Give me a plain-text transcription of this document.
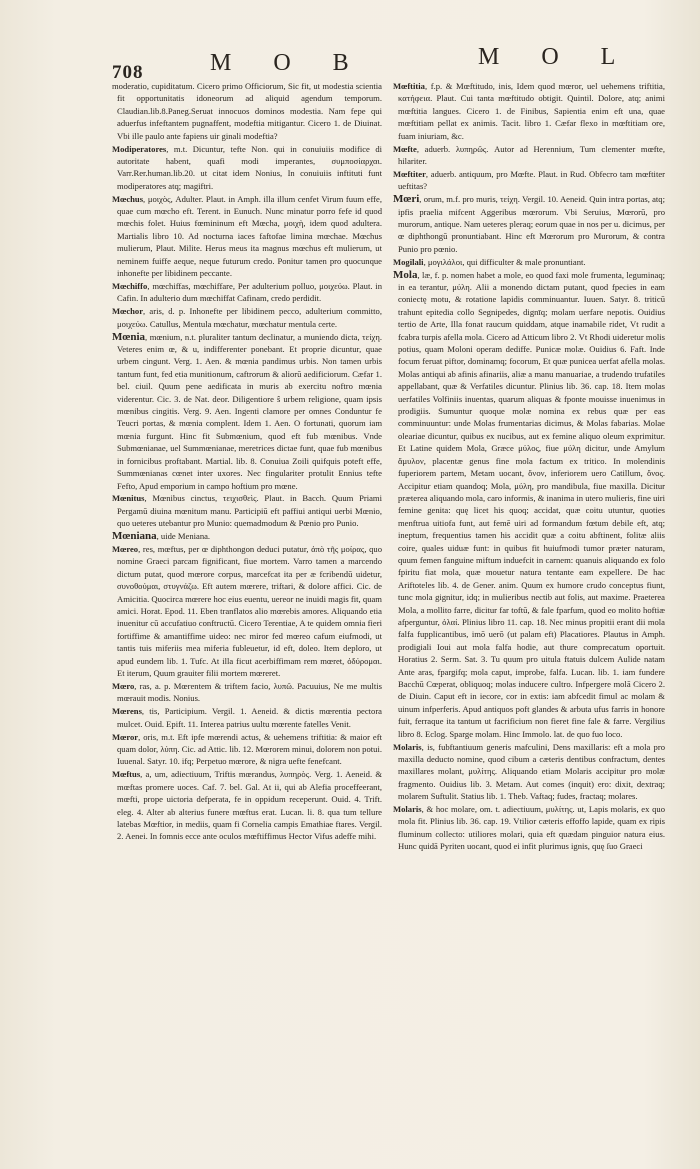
708	M O B	M O L

moderatio, cupiditatum. Cicero primo Officiorum, Sic fit, ut modestia scientia fit opportunitatis idoneorum ad aliquid agendum temporum. Claudian.lib.8.Paneg.Seruat innocuos dominos modestia. Nam fepe qui aduerfus infeftantem pugnaffent, modeftia mitigantur. Cicero 1. de Diuinat. Vbi ille paulo ante fapiens uir ginali modeftia?

Modiperatores, m.t. Dicuntur, tefte Non. qui in conuiuiis modifice di autoritate habent, quafi modi imperantes, συμποσίαρχαι. Varr.Rer.human.lib.20. ut citat idem Nonius, In conuiuiis inftituti funt modiperatores atq; magiftri.

Mœchus, μοιχὸς, Adulter. Plaut. in Amph. illa illum cenfet Virum fuum effe, quae cum mœcho eft. Terent. in Eunuch. Nunc minatur porro fefe id quod mœchis folet. Huius fœmininum eft Mœcha, μοιχὴ, idem quod adultera. Martialis libro 10. Ad nocturna iaces faftofae limina mœchae. Mœchus mulierum, Plaut. Milite. Herus meus ita magnus mœchus eft mulierum, ut neminem fuiffe aeque, neque futurum credo. Ponitur tamen pro quocunque inhonefte per libidinem peccante.

Mœchiffo, mœchiffas, mœchiffare, Per adulterium polluo, μοιχεύω. Plaut. in Cafin. In adulterio dum mœchiffat Cafinam, credo perdidit.

Mœchor, aris, d. p. Inhonefte per libidinem pecco, adulterium committo, μοιχεύω. Catullus, Mentula mœchatur, mœchatur mentula certe.

Mœnia, mœnium, n.t. pluraliter tantum declinatur, a muniendo dicta, τείχη. Veteres enim œ, & u, indifferenter ponebant. Et proprie dicuntur, quae urbem cingunt. Verg. 1. Aen. & mœnia pandimus urbis. Non tamen urbis tantum funt, fed etia munitionum, caftrorum & aliorū aedificiorum. Cæfar 1. bel. ciuil. Quum pene aedificata in muris ab exercitu noftro mœnia viderentur. Cic. 3. de Nat. deor. Diligentiore ŝ urbem religione, quam ipsis mœnibus cingitis. Verg. 9. Aen. Ingenti clamore per omnes Conduntur fe Teucri portas, & mœnia complent. Idem 1. Aen. O fortunati, quorum iam mœnia furgunt. Hinc fit Submœnium, quod eft fub mœnibus. Vnde Submœnianae, uel Summœnianae, meretrices dictae funt, quae fub mœnibus in fornicibus proftabant. Martial. lib. 8. Conuiua Zoili quifquis poteft effe, Summœnianas cœnet inter uxores. Nec fingulariter protulit Ennius tefte Fefto, Apud emporium in campo hoftium pro mœne.

Mœnitus, Mœnibus cinctus, τειχισθεὶς. Plaut. in Bacch. Quum Priami Pergamū diuina mœnitum manu. Participiū eft paffiui antiqui uerbi Mœnio, quo ueteres utebantur pro Munio: quemadmodum & Pœnio pro Punio.

Mœniana, uide Meniana.

Mœreo, res, mœftus, per œ diphthongon deduci putatur, ἀπὸ τῆς μοίρας, quo nomine Graeci parcam fignificant, fiue mortem. Varro tamen a marcendo dictum putat, quod mœrore corpus, marcefcat ita per æ fcribendū uidetur, συνοθούμαι, στυγνάζω. Eft autem mœrere, triftari, & dolore affici. Cic. de Amicitia. Quocirca mœrere hoc eius euentu, uereor ne inuidi magis fit, quam amici. Horat. Epod. 11. Eben tranflatos alio mœrebis amores. Aliquando etia inuenitur cū accufatiuo conftructū. Cicero Terentiae, A te quidem omnia fieri fortiffime & amantiffime uideo: nec miror fed mœreo cafum eiufmodi, ut tantis tuis miferiis mea miferia fubleuetur, id eft, doleo. Item deploro, ut apud eundem lib. 1. Tufc. At illa ficut acerbiffimam rem mœret, ὀδύρομαι. Et iterum, Quum grauiter filii mortem mœreret.

Mœro, ras, a. p. Mœrentem & triftem facio, λυπῶ. Pacuuius, Ne me multis mœrauit modis. Nonius.

Mœrens, tis, Participium. Vergil. 1. Aeneid. & dictis mœrentia pectora mulcet. Ouid. Epift. 11. Interea patrius uultu mœrente fatelles Venit.

Mœror, oris, m.t. Eft ipfe mœrendi actus, & uehemens triftitia: & maior eft quam dolor, λύπη. Cic. ad Attic. lib. 12. Mœrorem minui, dolorem non potui. Iuuenal. Satyr. 10. ifq; Perpetuo mœrore, & nigra uefte fenefcant.

Mœftus, a, um, adiectiuum, Triftis mœrandus, λυπηρὸς. Verg. 1. Aeneid. & mœftas promere uoces. Caf. 7. bel. Gal. At ii, qui ab Alefia proceffeerant, mœfti, prope uictoria defperata, fe in oppidum receperunt. Ouid. 4. Trift. eleg. 4. Alter ab alterius funere mœftus erat. Lucan. li. 8. qua tum tellure latebas Mœftior, in mediis, quam fi Cornelia campis Emathiae ftares. Vergil. 2. Aenei. In fomnis ecce ante oculos mœftiffimus Hector Vifus adeffe mihi.

Mœftitia, f.p. & Mœftitudo, inis, Idem quod mœror, uel uehemens triftitia, κατήφεια. Plaut. Cui tanta mœftitudo obtigit. Quintil. Dolore, atq; animi mœftitia langues. Cicero 1. de Finibus, Sapientia enim eft una, quae mœftitiam pellat ex animis. Tacit. libro 1. Cæfar flexo in mœftitiam ore, fuam iniuriam, &c.

Mœfte, aduerb. λυπηρῶς. Autor ad Herennium, Tum clementer mœfte, hilariter.

Mœftiter, aduerb. antiquum, pro Mœfte. Plaut. in Rud. Obfecro tam mœftiter ueftitas?

Mœri, orum, m.f. pro muris, τείχη. Vergil. 10. Aeneid. Quin intra portas, atq; ipfis praelia mifcent Aggeribus mœrorum. Vbi Seruius, Mœrorū, pro murorum, antique. Nam ueteres pleraq; eorum quae in nos per u. dicimus, per œ diphthongū pronuntiabant. Hinc eft Mœrorum pro Murorum, & contra Punio pro pœnio.

Mogilali, μογιλάλοι, qui difficulter & male pronuntiant.

Mola, læ, f. p. nomen habet a mole, eo quod faxi mole frumenta, leguminaq; in ea terantur, μύλη. Alii a monendo dictam putant, quod fpecies in eam coniectę motu, & rotatione lapidis comminuantur. Iuuen. Satyr. 8. triticū trahunt epitedia collo Segnipedes, dignīq; molam uerfare nepotis. Ouidius tertio de Arte, Illa fonat raucum quiddam, atque inamabile ridet, Vt rudit a fcabra turpis afella mola. Cicero ad Atticum libro 2. Vt Rhodi uideretur molis potius, quam Moloni operam dediffe. Punicæ molæ. Ouidius 6. Faft. Inde focum feruat piftor, dominamq; focorum, Et quæ punicea uerfat afella molas. Molas antiqui ab afinis afinariis, aliæ a manu manuariae, a trudendo trufatiles appellabant, quæ & Verfatiles dicuntur. Plinius lib. 36. cap. 18. Item molas uerfatiles Volfiniis inuentas, quarum aliquas & fponte mouisse inuenimus in prodigiis. Sumuntur quoque molæ nomina ex rebus quæ per eas comminuuntur: unde Molas frumentarias dicimus, & Molas fabarias. Molae oleariae dicuntur, quibus ex nucibus, aut ex femine aliquo oleum exprimitur. Et Latine quidem Mola, Græce μύλος, fiue μύλη dicitur, unde Amylum ἄμυλον, placentæ genus fine mola factum ex tritico. In molendinis fuperiorem partem, Metam uocant, ὄνον, inferiorem uero Catillum, ὄνος. Accipitur etiam quandoq; Mola, μύλη, pro mandibula, fiue maxilla. Dicitur præterea aliquando mola, caro informis, & inanima in utero mulieris, fine uiri femine genita: quę licet his quoq; accidat, quæ coitu utuntur, quoties menftrua uitiofa funt, aut femē uiri ad formandum fœtum debile eft, atq; ineptum, frequentius tamen his accidit quæ a coitu abftinent, folitæ aliis coire, quales uiduæ funt: in quibus fit huiufmodi tumor præter naturam, quum femen fanguine miftum induefcit in carnem: quanuis aliquando ex folo fpiritu fiat mola, quæ mouetur natura tentante eam expellere. De hac Ariftoteles lib. 4. de Gener. anim. Quum ex humore crudo conceptus fiunt, tunc mola gignitur, idq; in mulieribus nectib aut folis, aut maxime. Praeterea Mola, a mollito farre, dicitur far toftū, & fale fparfum, quod eo molito hoftiæ afperguntur, ὀλαί. Plinius libro 11. cap. 18. Nec minus propitii erant dii mola falfa fupplicantibus, imō uerō (ut palam eft) Placatiores. Plautus in Amph. prodigiali Ioui aut mola falfa hodie, aut thure comprecatum oportuit. Horatius 2. Serm. Sat. 3. Tu quum pro uitula ftatuis dulcem Aulide natam Ante aras, fpargifq; mola caput, improbe, falfa. Lucan. lib. 1. iam fundere Bacchū Cœperat, obliquoq; molas inducere cultro. Infpergere molā Cicero 2. de Diuin. Caput eft in iecore, cor in extis: iam abfcedit fimul ac molam & uinum infperferis. Apud antiquos poft glandes & arbuta ufus farris in honore fuit, ferraque ita tantum ut facrificium non fieret fine fale & farre. Vergilius libro 8. Eclog. Sparge molam. Hinc Immolo. lat. de quo fuo loco.

Molaris, is, fubftantiuum generis mafculini, Dens maxillaris: eft a mola pro maxilla deducto nomine, quod cibum a cæteris dentibus confractum, dentes maxillares molant, μυλίτης. Aliquando etiam Molaris accipitur pro molæ fragmento. Ouidius lib. 3. Metam. Aut comes (inquit) ero: dixit, dextraq; molarem Suftulit. Statius lib. 1. Theb. Vaftaq; fudes, fractaq; molares.

Molaris, & hoc molare, om. t. adiectiuum, μυλίτης. ut, Lapis molaris, ex quo mola fit. Plinius lib. 36. cap. 19. Vtilior cæteris effoffo lapide, quam ex ripis fluminum collecto: utiliores molari, quia eft quædam pinguior natura eius. Hunc quidā Pyriten uocant, quod ei infit plurimus ignis, quę ſuo Graeci
